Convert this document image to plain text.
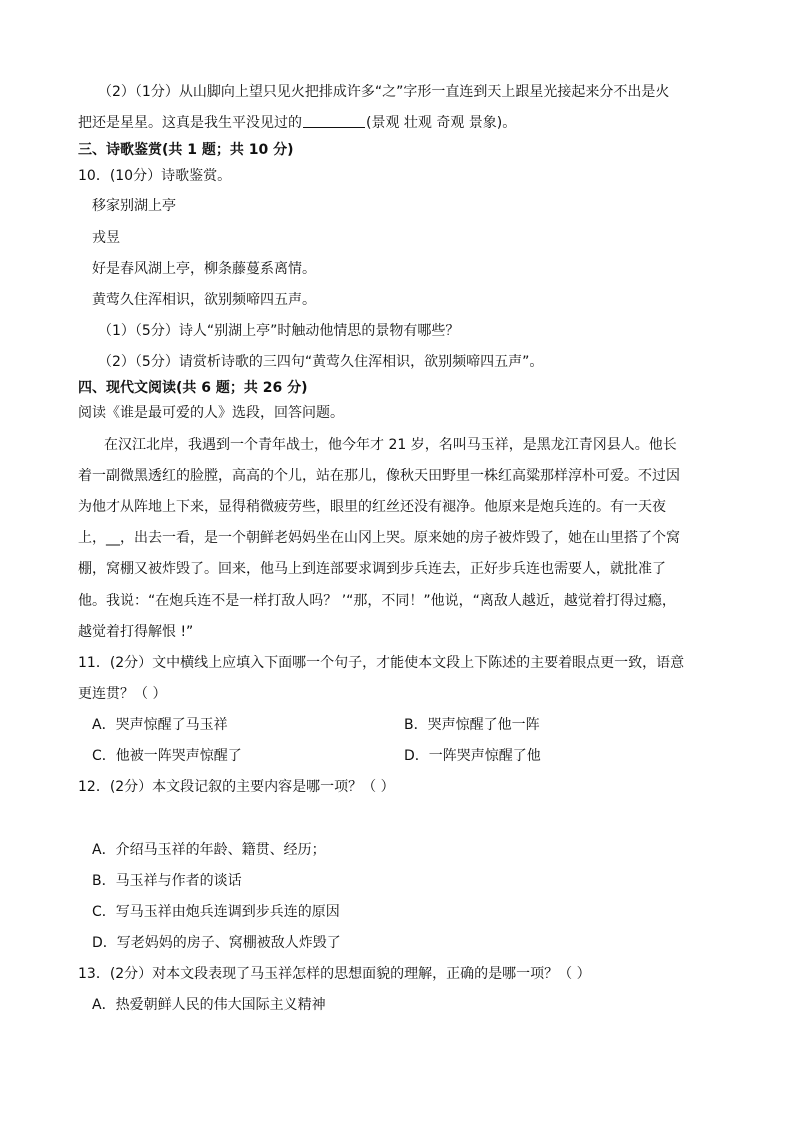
（2）（1分）从山脚向上望只见火把排成许多“之”字形一直连到天上跟星光接起来分不出是火
把还是星星。这真是我生平没见过的	(景观 壮观 奇观 景象)。
三、诗歌鉴赏(共 1 题；共 10 分)
10．(10分）诗歌鉴赏。
移家别湖上亭
戎昱
好是春风湖上亭，柳条藤蔓系离情。
黄莺久住浑相识，欲别频啼四五声。
（1）（5分）诗人“别湖上亭”时触动他情思的景物有哪些？
（2）（5分）请赏析诗歌的三四句“黄莺久住浑相识，欲别频啼四五声”。
四、现代文阅读(共 6 题；共 26 分)
阅读《谁是最可爱的人》选段，回答问题。
在汉江北岸，我遇到一个青年战士，他今年才 21 岁，名叫马玉祥，是黑龙江青冈县人。他长
着一副微黑透红的脸膛，高高的个儿，站在那儿，像秋天田野里一株红高粱那样淳朴可爱。不过因
为他才从阵地上下来，显得稍微疲劳些，眼里的红丝还没有褪净。他原来是炮兵连的。有一天夜
上，__，出去一看，是一个朝鲜老妈妈坐在山冈上哭。原来她的房子被炸毁了，她在山里搭了个窝
棚，窝棚又被炸毁了。回来，他马上到连部要求调到步兵连去，正好步兵连也需要人，就批准了
他。我说：“在炮兵连不是一样打敌人吗？ ’“那，不同！”他说，“离敌人越近，越觉着打得过瘾，
越觉着打得解恨 !”
11．(2分）文中横线上应填入下面哪一个句子，才能使本文段上下陈述的主要着眼点更一致，语意
更连贯？（ ）
A．哭声惊醒了马玉祥	B．哭声惊醒了他一阵
C．他被一阵哭声惊醒了	D．一阵哭声惊醒了他
12．(2分）本文段记叙的主要内容是哪一项？（ ）
A．介绍马玉祥的年龄、籍贯、经历；
B．马玉祥与作者的谈话
C．写马玉祥由炮兵连调到步兵连的原因
D．写老妈妈的房子、窝棚被敌人炸毁了
13．(2分）对本文段表现了马玉祥怎样的思想面貌的理解，正确的是哪一项？（ ）
A．热爱朝鲜人民的伟大国际主义精神
